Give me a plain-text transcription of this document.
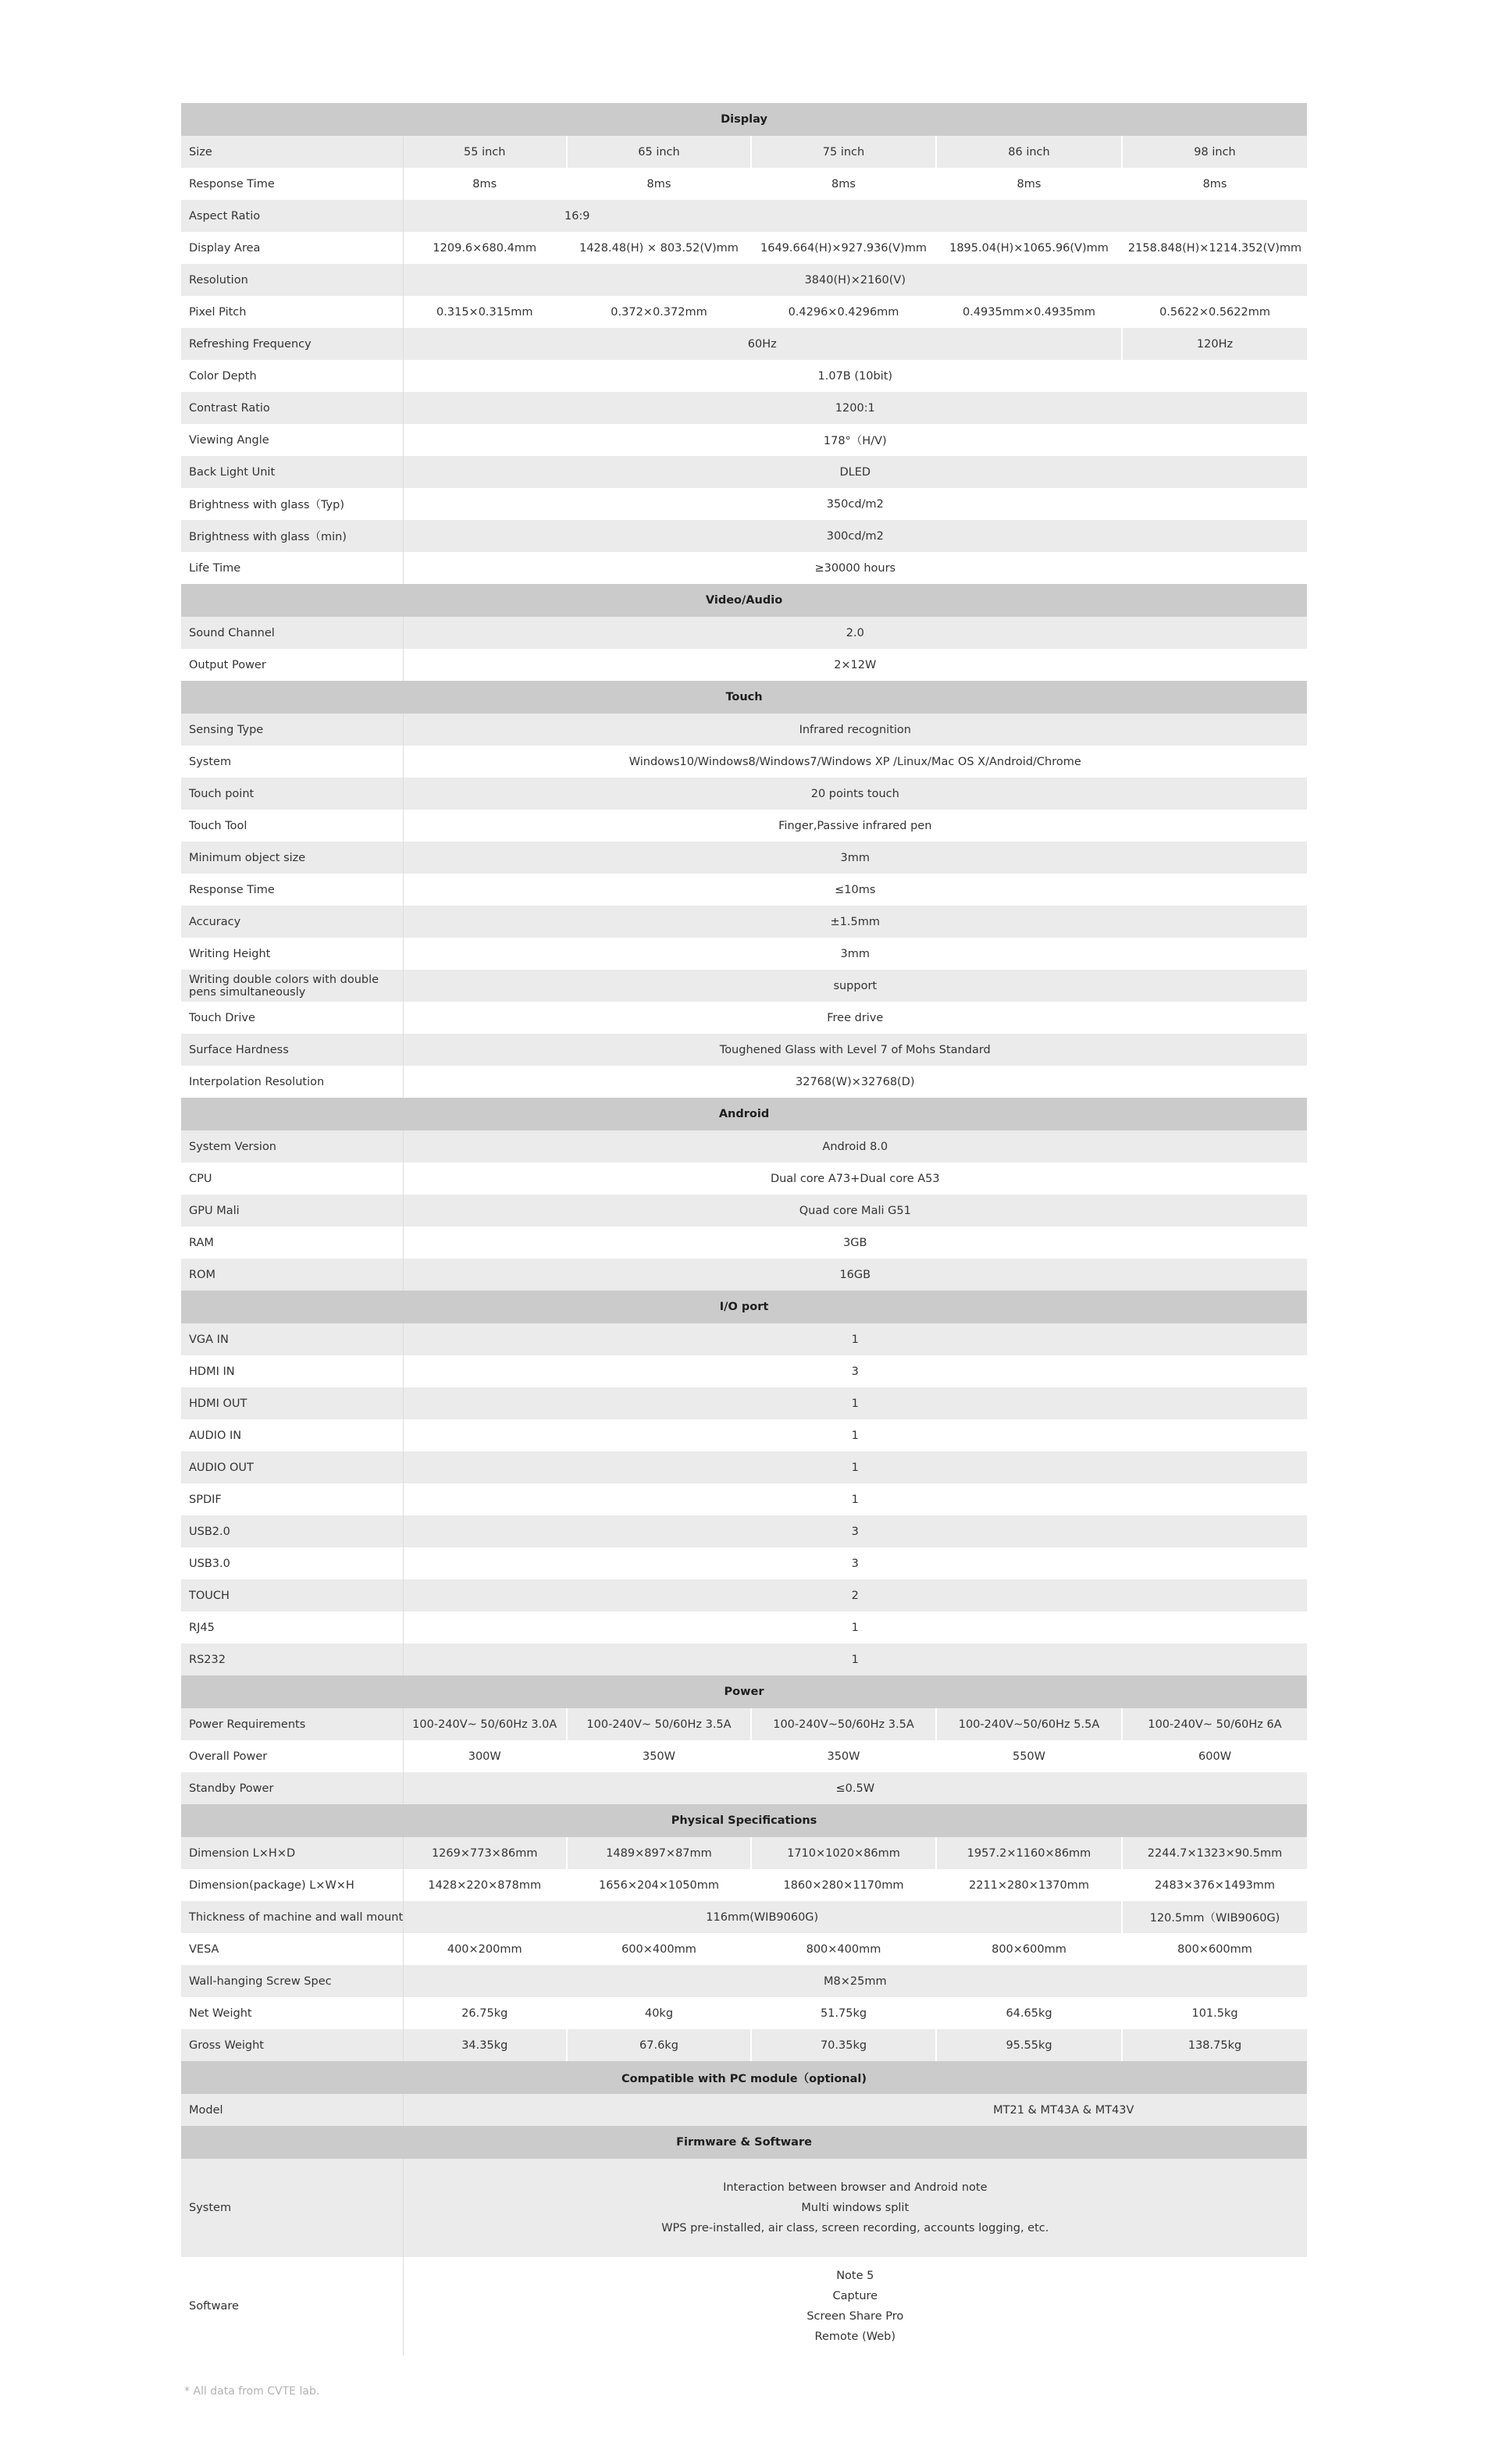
Display					
Size	55 inch	65 inch	75 inch	86 inch	98 inch
Response Time	8ms	8ms	8ms	8ms	8ms
Aspect Ratio	16:9				
Display Area	1209.6×680.4mm	1428.48(H) × 803.52(V)mm	1649.664(H)×927.936(V)mm	1895.04(H)×1065.96(V)mm	2158.848(H)×1214.352(V)mm
Resolution	3840(H)×2160(V)				
Pixel Pitch	0.315×0.315mm	0.372×0.372mm	0.4296×0.4296mm	0.4935mm×0.4935mm	0.5622×0.5622mm
Refreshing Frequency	60Hz				120Hz
Color Depth	1.07B (10bit)				
Contrast Ratio	1200:1				
Viewing Angle	178°（H/V)				
Back Light Unit	DLED				
Brightness with glass（Typ)	350cd/m2				
Brightness with glass（min)	300cd/m2				
Life Time	≥30000 hours				
Video/Audio					
Sound Channel	2.0				
Output Power	2×12W				
Touch					
Sensing Type	Infrared recognition				
System	Windows10/Windows8/Windows7/Windows XP /Linux/Mac OS X/Android/Chrome				
Touch point	20 points touch				
Touch Tool	Finger,Passive infrared pen				
Minimum object size	3mm				
Response Time	≤10ms				
Accuracy	±1.5mm				
Writing Height	3mm				
Writing double colors with double pens simultaneously	support				
Touch Drive	Free drive				
Surface Hardness	Toughened Glass with Level 7 of Mohs Standard				
Interpolation Resolution	32768(W)×32768(D)				
Android					
System Version	Android 8.0				
CPU	Dual core A73+Dual core A53				
GPU Mali	Quad core Mali G51				
RAM	3GB				
ROM	16GB				
I/O port					
VGA IN	1				
HDMI IN	3				
HDMI OUT	1				
AUDIO IN	1				
AUDIO OUT	1				
SPDIF	1				
USB2.0	3				
USB3.0	3				
TOUCH	2				
RJ45	1				
RS232	1				
Power					
Power Requirements	100-240V~ 50/60Hz 3.0A	100-240V~ 50/60Hz 3.5A	100-240V~50/60Hz 3.5A	100-240V~50/60Hz 5.5A	100-240V~ 50/60Hz 6A
Overall Power	300W	350W	350W	550W	600W
Standby Power	≤0.5W				
Physical Specifications					
Dimension L×H×D	1269×773×86mm	1489×897×87mm	1710×1020×86mm	1957.2×1160×86mm	2244.7×1323×90.5mm
Dimension(package) L×W×H	1428×220×878mm	1656×204×1050mm	1860×280×1170mm	2211×280×1370mm	2483×376×1493mm
Thickness of machine and wall mount	116mm(WIB9060G)				120.5mm（WIB9060G)
VESA	400×200mm	600×400mm	800×400mm	800×600mm	800×600mm
Wall-hanging Screw Spec	M8×25mm				
Net Weight	26.75kg	40kg	51.75kg	64.65kg	101.5kg
Gross Weight	34.35kg	67.6kg	70.35kg	95.55kg	138.75kg
Compatible with PC module（optional)					
Model	MT21 & MT43A & MT43V				
Firmware & Software					
System	Interaction between browser and Android note
Multi windows split
WPS pre-installed, air class, screen recording, accounts logging, etc.				

Software	Note 5
Capture
Screen Share Pro
Remote (Web)				
* All data from CVTE lab.
